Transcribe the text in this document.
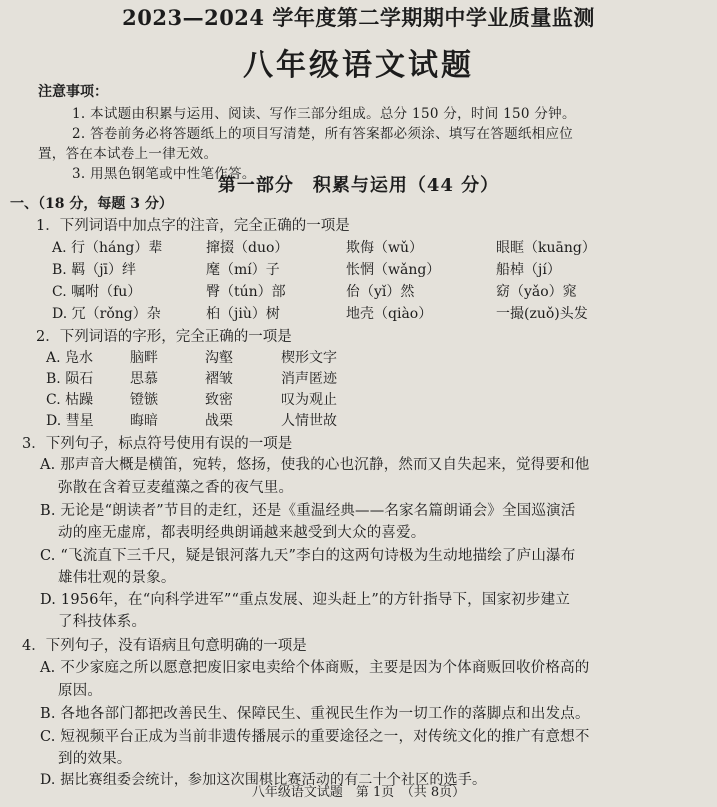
2023—2024 学年度第二学期期中学业质量监测
八年级语文试题
注意事项：
1. 本试题由积累与运用、阅读、写作三部分组成。总分 150 分，时间 150 分钟。
2. 答卷前务必将答题纸上的项目写清楚，所有答案都必须涂、填写在答题纸相应位
置，答在本试卷上一律无效。
3. 用黑色钢笔或中性笔作答。
第一部分　积累与运用（44 分）
一、（18 分，每题 3 分）
1．下列词语中加点字的注音，完全正确的一项是
A. 行（háng）辈	撺掇（duo）	欺侮（wǔ）	眼眶（kuāng）
B. 羁（jī）绊	麾（mí）子	怅惘（wǎng）	船棹（jí）
C. 嘱咐（fu）	臀（tún）部	佁（yǐ）然	窈（yǎo）窕
D. 冗（rǒng）杂	桕（jiù）树	地壳（qiào）	一撮(zuǒ)头发
2．下列词语的字形，完全正确的一项是
A. 凫水	脑畔	沟壑	楔形文字
B. 陨石	思慕	褶皱	消声匿迹
C. 枯躁	镫镞	致密	叹为观止
D. 彗星	晦暗	战栗	人情世故
3．下列句子，标点符号使用有误的一项是
A. 那声音大概是横笛，宛转，悠扬，使我的心也沉静，然而又自失起来，觉得要和他
弥散在含着豆麦蕴藻之香的夜气里。
B. 无论是“朗读者”节目的走红，还是《重温经典——名家名篇朗诵会》全国巡演活
动的座无虚席，都表明经典朗诵越来越受到大众的喜爱。
C. “飞流直下三千尺，疑是银河落九天”李白的这两句诗极为生动地描绘了庐山瀑布
雄伟壮观的景象。
D. 1956年，在“向科学进军”“重点发展、迎头赶上”的方针指导下，国家初步建立
了科技体系。
4．下列句子，没有语病且句意明确的一项是
A. 不少家庭之所以愿意把废旧家电卖给个体商贩，主要是因为个体商贩回收价格高的
原因。
B. 各地各部门都把改善民生、保障民生、重视民生作为一切工作的落脚点和出发点。
C. 短视频平台正成为当前非遗传播展示的重要途径之一，对传统文化的推广有意想不
到的效果。
D. 据比赛组委会统计，参加这次围棋比赛活动的有二十个社区的选手。
八年级语文试题　第 1页　（共 8页）
